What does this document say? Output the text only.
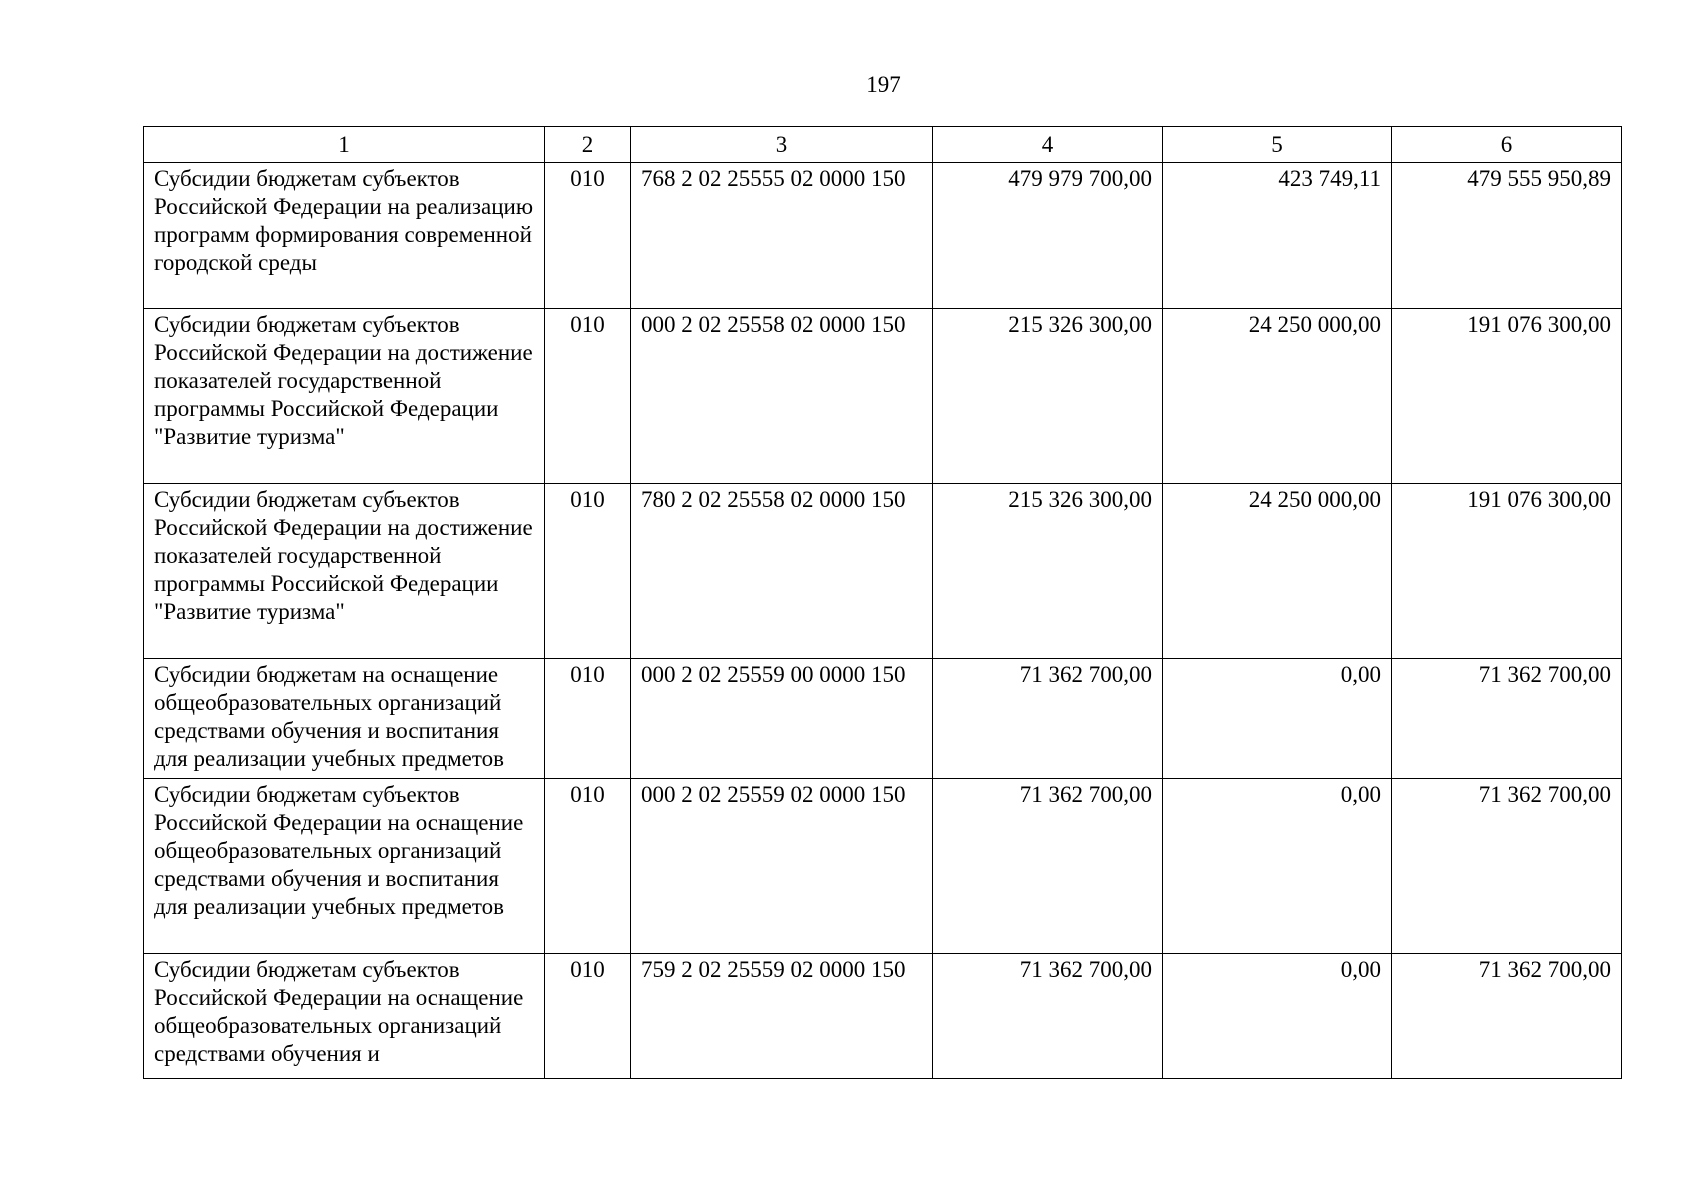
197
1	2	3	4	5	6
Субсидии бюджетам субъектов Российской Федерации на реализацию программ формирования современной городской среды	010	768 2 02 25555 02 0000 150	479 979 700,00	423 749,11	479 555 950,89
Субсидии бюджетам субъектов Российской Федерации на достижение показателей государственной программы Российской Федерации "Развитие туризма"	010	000 2 02 25558 02 0000 150	215 326 300,00	24 250 000,00	191 076 300,00
Субсидии бюджетам субъектов Российской Федерации на достижение показателей государственной программы Российской Федерации "Развитие туризма"	010	780 2 02 25558 02 0000 150	215 326 300,00	24 250 000,00	191 076 300,00
Субсидии бюджетам на оснащение общеобразовательных организаций средствами обучения и воспитания для реализации учебных предметов	010	000 2 02 25559 00 0000 150	71 362 700,00	0,00	71 362 700,00
Субсидии бюджетам субъектов Российской Федерации на оснащение общеобразовательных организаций средствами обучения и воспитания для реализации учебных предметов	010	000 2 02 25559 02 0000 150	71 362 700,00	0,00	71 362 700,00
Субсидии бюджетам субъектов Российской Федерации на оснащение общеобразовательных организаций средствами обучения и	010	759 2 02 25559 02 0000 150	71 362 700,00	0,00	71 362 700,00
